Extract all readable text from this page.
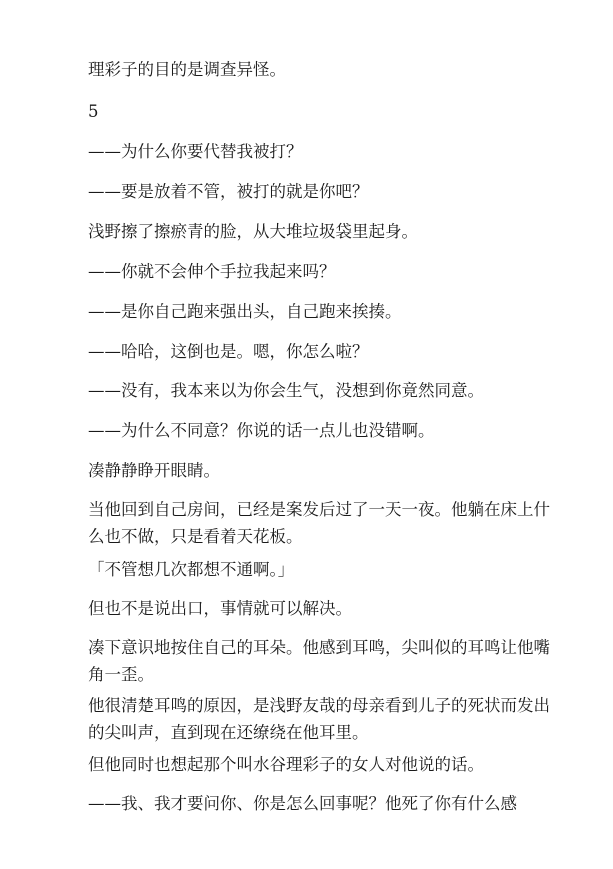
理彩子的目的是调查异怪。

5

——为什么你要代替我被打？

——要是放着不管，被打的就是你吧？

浅野擦了擦瘀青的脸，从大堆垃圾袋里起身。

——你就不会伸个手拉我起来吗？

——是你自己跑来强出头，自己跑来挨揍。

——哈哈，这倒也是。嗯，你怎么啦？

——没有，我本来以为你会生气，没想到你竟然同意。

——为什么不同意？你说的话一点儿也没错啊。

凑静静睁开眼睛。

当他回到自己房间，已经是案发后过了一天一夜。他躺在床上什么也不做，只是看着天花板。

「不管想几次都想不通啊。」

但也不是说出口，事情就可以解决。

凑下意识地按住自己的耳朵。他感到耳鸣，尖叫似的耳鸣让他嘴角一歪。

他很清楚耳鸣的原因，是浅野友哉的母亲看到儿子的死状而发出的尖叫声，直到现在还缭绕在他耳里。

但他同时也想起那个叫水谷理彩子的女人对他说的话。

——我、我才要问你、你是怎么回事呢？他死了你有什么感
